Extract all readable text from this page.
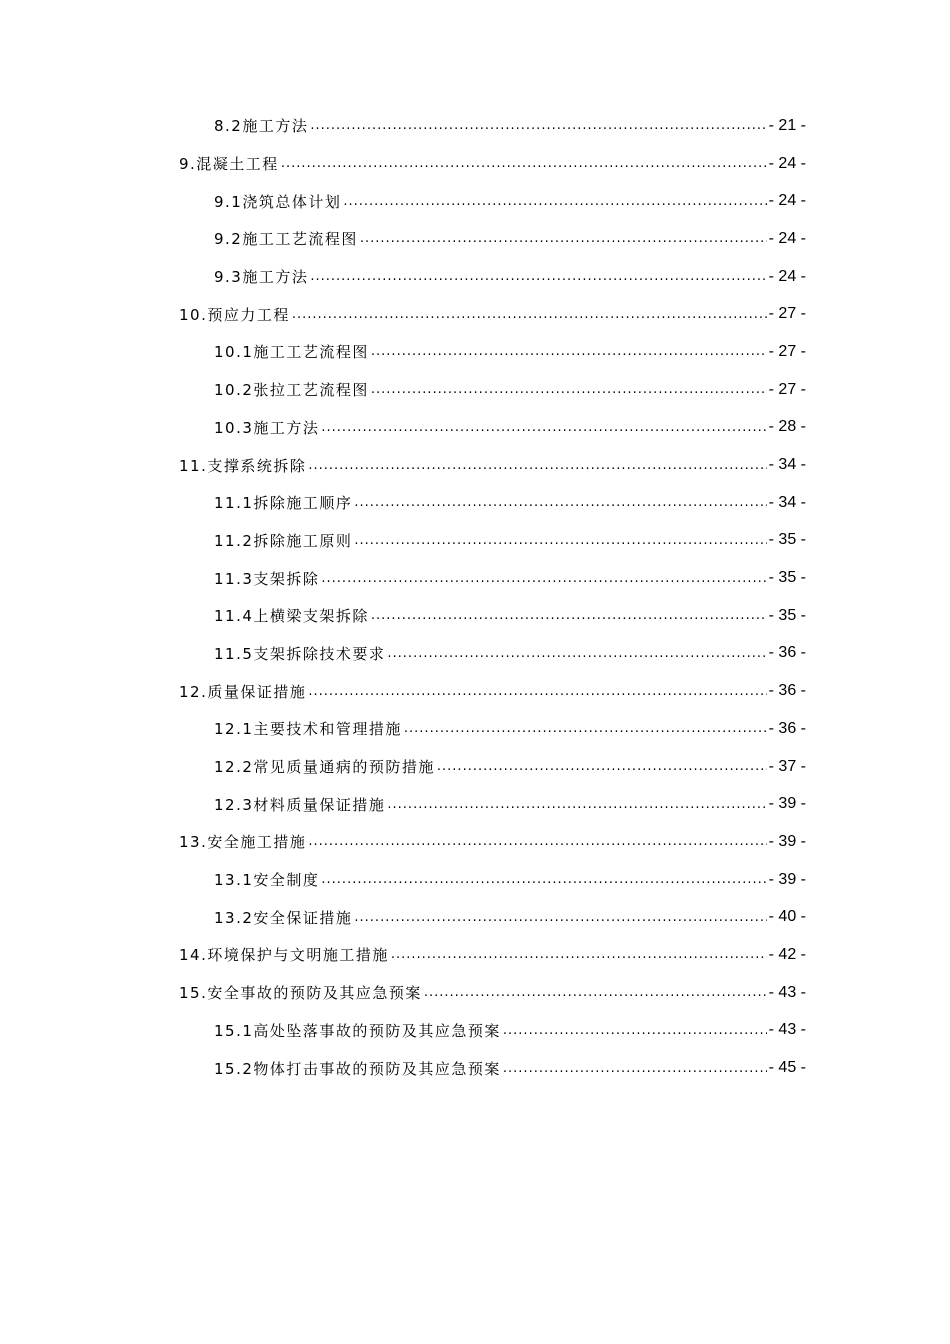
8.2施工方法 .....	- 21 -
9.混凝土工程 .....	- 24 -
9.1浇筑总体计划 .....	- 24 -
9.2施工工艺流程图 .....	- 24 -
9.3施工方法 .....	- 24 -
10.预应力工程 .....	- 27 -
10.1施工工艺流程图 .....	- 27 -
10.2张拉工艺流程图 .....	- 27 -
10.3施工方法 .....	- 28 -
11.支撑系统拆除 .....	- 34 -
11.1拆除施工顺序 .....	- 34 -
11.2拆除施工原则 .....	- 35 -
11.3支架拆除 .....	- 35 -
11.4上横梁支架拆除 .....	- 35 -
11.5支架拆除技术要求 .....	- 36 -
12.质量保证措施 .....	- 36 -
12.1主要技术和管理措施 .....	- 36 -
12.2常见质量通病的预防措施 .....	- 37 -
12.3材料质量保证措施 .....	- 39 -
13.安全施工措施 .....	- 39 -
13.1安全制度 .....	- 39 -
13.2安全保证措施 .....	- 40 -
14.环境保护与文明施工措施 .....	- 42 -
15.安全事故的预防及其应急预案 .....	- 43 -
15.1高处坠落事故的预防及其应急预案 .....	- 43 -
15.2物体打击事故的预防及其应急预案 .....	- 45 -
